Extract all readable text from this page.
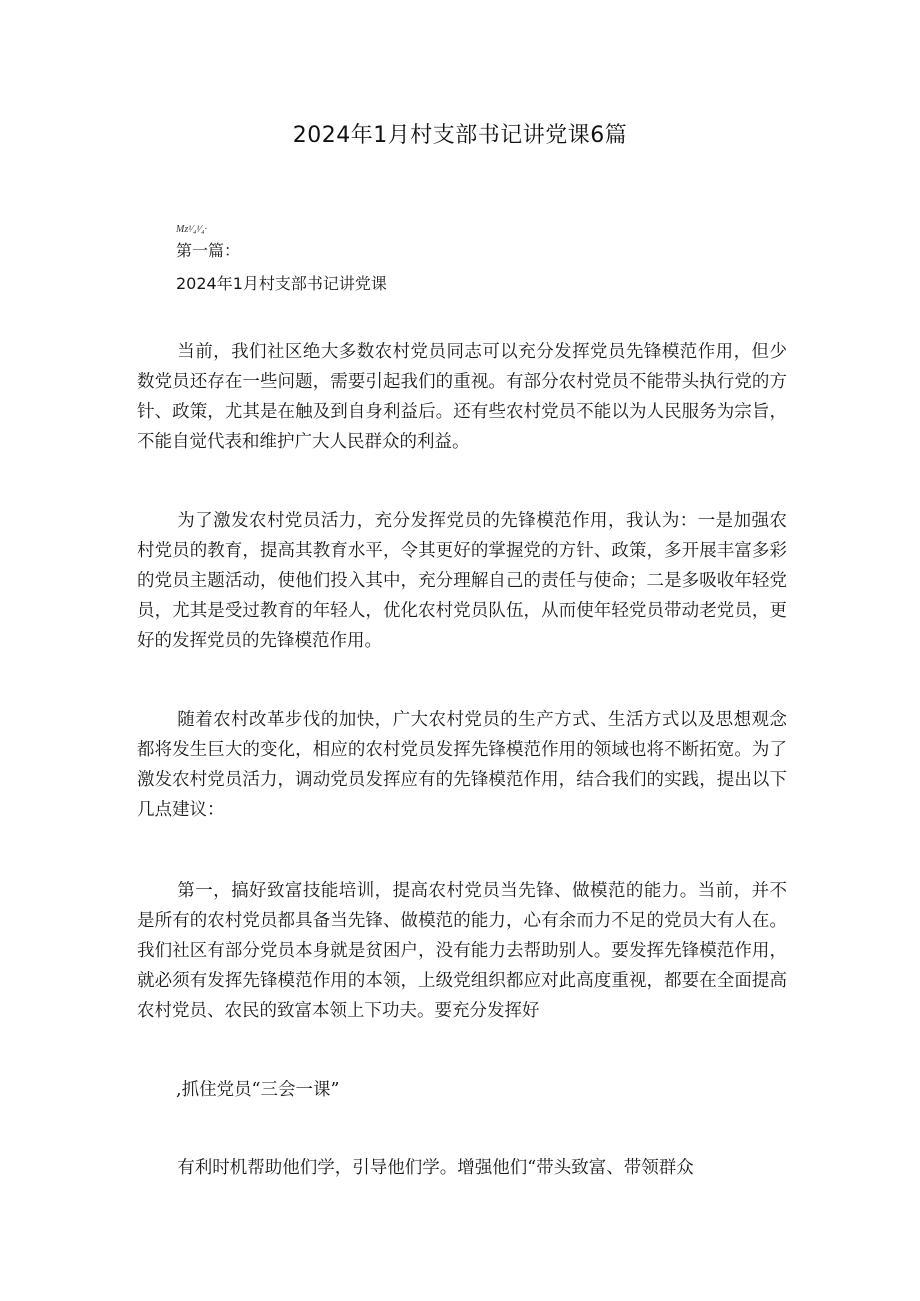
2024年1月村支部书记讲党课6篇
Mz¹⁄₄¹⁄₄·
第一篇：
2024年1月村支部书记讲党课

当前，我们社区绝大多数农村党员同志可以充分发挥党员先锋模范作用，但少数党员还存在一些问题，需要引起我们的重视。有部分农村党员不能带头执行党的方针、政策，尤其是在触及到自身利益后。还有些农村党员不能以为人民服务为宗旨，不能自觉代表和维护广大人民群众的利益。

为了激发农村党员活力，充分发挥党员的先锋模范作用，我认为：一是加强农村党员的教育，提高其教育水平，令其更好的掌握党的方针、政策，多开展丰富多彩的党员主题活动，使他们投入其中，充分理解自己的责任与使命；二是多吸收年轻党员，尤其是受过教育的年轻人，优化农村党员队伍，从而使年轻党员带动老党员，更好的发挥党员的先锋模范作用。

随着农村改革步伐的加快，广大农村党员的生产方式、生活方式以及思想观念都将发生巨大的变化，相应的农村党员发挥先锋模范作用的领域也将不断拓宽。为了激发农村党员活力，调动党员发挥应有的先锋模范作用，结合我们的实践，提出以下几点建议：

第一，搞好致富技能培训，提高农村党员当先锋、做模范的能力。当前，并不是所有的农村党员都具备当先锋、做模范的能力，心有余而力不足的党员大有人在。我们社区有部分党员本身就是贫困户，没有能力去帮助别人。要发挥先锋模范作用，就必须有发挥先锋模范作用的本领，上级党组织都应对此高度重视，都要在全面提高农村党员、农民的致富本领上下功夫。要充分发挥好

,抓住党员“三会一课”

有利时机帮助他们学，引导他们学。增强他们“带头致富、带领群众
